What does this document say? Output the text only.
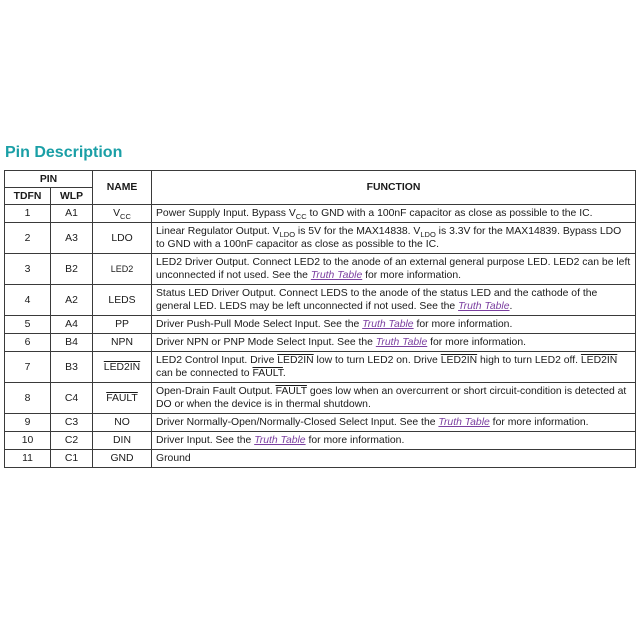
Pin Description
PIN		NAME	FUNCTION
TDFN	WLP		
1	A1	$V_{CC}$	Power Supply Input. Bypass $V_{CC}$ to GND with a 100nF capacitor as close as possible to the IC.
2	A3	LDO	Linear Regulator Output. $V_{LDO}$ is 5V for the MAX14838. $V_{LDO}$ is 3.3V for the MAX14839. Bypass LDO to GND with a 100nF capacitor as close as possible to the IC.
3	B2	LED2	LED2 Driver Output. Connect LED2 to the anode of an external general purpose LED. LED2 can be left unconnected if not used. See the Truth Table for more information.
4	A2	LEDS	Status LED Driver Output. Connect LEDS to the anode of the status LED and the cathode of the general LED. LEDS may be left unconnected if not used. See the Truth Table.
5	A4	PP	Driver Push-Pull Mode Select Input. See the Truth Table for more information.
6	B4	NPN	Driver NPN or PNP Mode Select Input. See the Truth Table for more information.
7	B3	LED2IN	LED2 Control Input. Drive LED2IN low to turn LED2 on. Drive LED2IN high to turn LED2 off. LED2IN can be connected to FAULT.
8	C4	FAULT	Open-Drain Fault Output. FAULT goes low when an overcurrent or short circuit-condition is detected at DO or when the device is in thermal shutdown.
9	C3	NO	Driver Normally-Open/Normally-Closed Select Input. See the Truth Table for more information.
10	C2	DIN	Driver Input. See the Truth Table for more information.
11	C1	GND	Ground
